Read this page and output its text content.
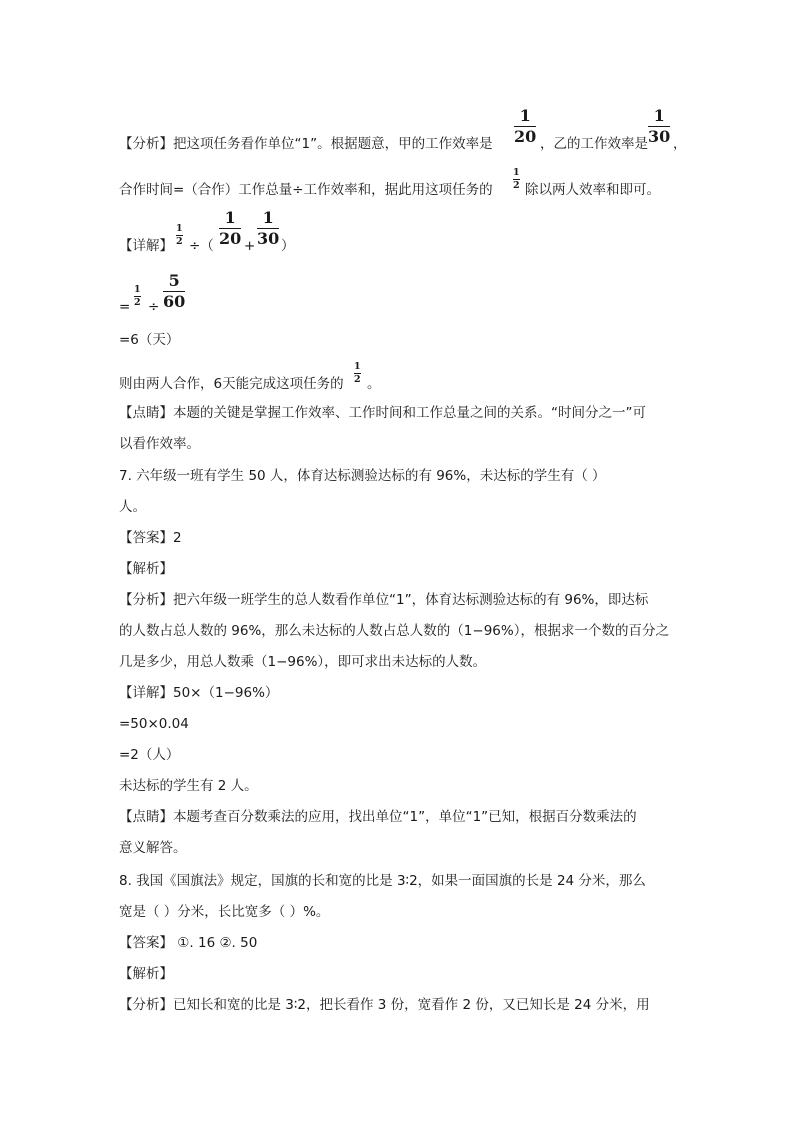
【分析】把这项任务看作单位“1”。根据题意，甲的工作效率是
1
20 ，乙的工作效率是
1
30 ，
合作时间=（合作）工作总量÷工作效率和，据此用这项任务的
1
2 除以两人效率和即可。
【详解】
1
2 ÷（
1
20 +
1
30 ）
=
1
2 ÷
5
60
=6（天）
则由两人合作，6天能完成这项任务的
1
2 。
【点睛】本题的关键是掌握工作效率、工作时间和工作总量之间的关系。“时间分之一”可
以看作效率。
7. 六年级一班有学生 50 人，体育达标测验达标的有 96%，未达标的学生有（ ）
人。
【答案】2
【解析】
【分析】把六年级一班学生的总人数看作单位“1”，体育达标测验达标的有 96%，即达标
的人数占总人数的 96%，那么未达标的人数占总人数的（1−96%），根据求一个数的百分之
几是多少，用总人数乘（1−96%），即可求出未达标的人数。
【详解】50×（1−96%）
=50×0.04
=2（人）
未达标的学生有 2 人。
【点睛】本题考查百分数乘法的应用，找出单位“1”，单位“1”已知，根据百分数乘法的
意义解答。
8. 我国《国旗法》规定，国旗的长和宽的比是 3∶2，如果一面国旗的长是 24 分米，那么
宽是（ ）分米，长比宽多（ ）%。
【答案】 ①. 16 ②. 50
【解析】
【分析】已知长和宽的比是 3∶2，把长看作 3 份，宽看作 2 份，又已知长是 24 分米，用
